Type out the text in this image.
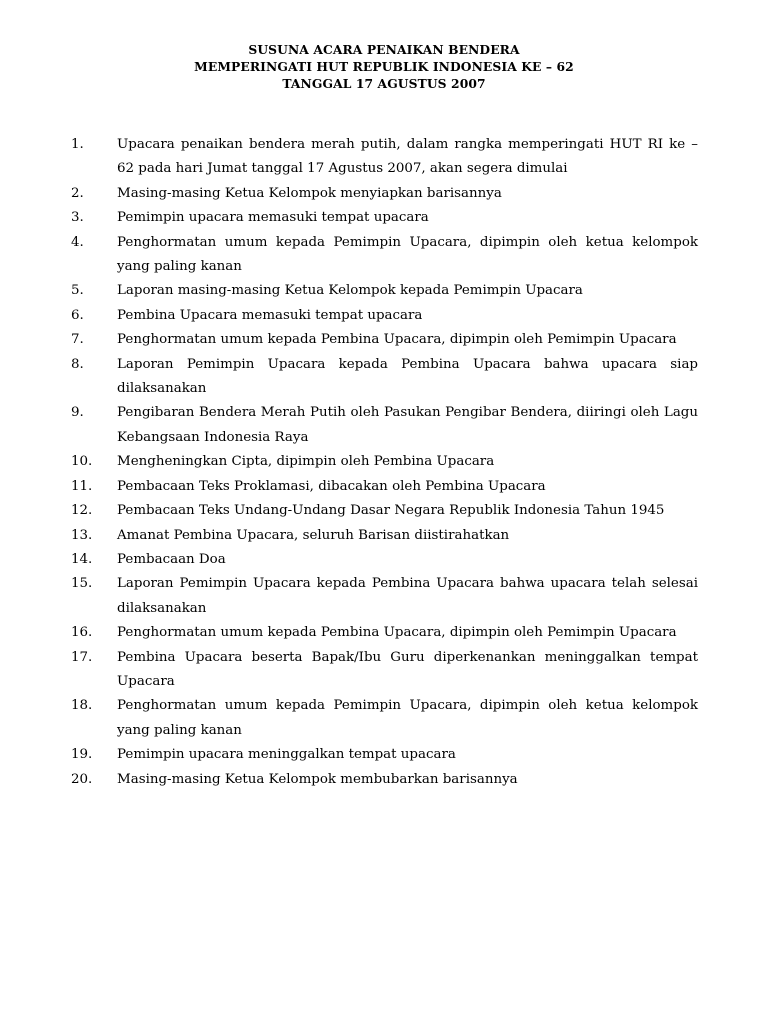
SUSUNA ACARA PENAIKAN BENDERA
MEMPERINGATI HUT REPUBLIK INDONESIA KE – 62
TANGGAL 17 AGUSTUS 2007
1.	Upacara penaikan bendera merah putih, dalam rangka memperingati HUT RI ke – 62 pada hari Jumat tanggal 17 Agustus 2007, akan segera dimulai
2.	Masing-masing Ketua Kelompok menyiapkan barisannya
3.	Pemimpin upacara memasuki tempat upacara
4.	Penghormatan umum kepada Pemimpin Upacara, dipimpin oleh ketua kelompok yang paling kanan
5.	Laporan masing-masing Ketua Kelompok kepada Pemimpin Upacara
6.	Pembina Upacara memasuki tempat upacara
7.	Penghormatan umum kepada Pembina Upacara, dipimpin oleh Pemimpin Upacara
8.	Laporan Pemimpin Upacara kepada Pembina Upacara bahwa upacara siap dilaksanakan
9.	Pengibaran Bendera Merah Putih oleh Pasukan Pengibar Bendera, diiringi oleh Lagu Kebangsaan Indonesia Raya
10.	Mengheningkan Cipta, dipimpin oleh Pembina Upacara
11.	Pembacaan Teks Proklamasi, dibacakan oleh Pembina Upacara
12.	Pembacaan Teks Undang-Undang Dasar Negara Republik Indonesia Tahun 1945
13.	Amanat Pembina Upacara, seluruh Barisan diistirahatkan
14.	Pembacaan Doa
15.	Laporan Pemimpin Upacara kepada Pembina Upacara bahwa upacara telah selesai dilaksanakan
16.	Penghormatan umum kepada Pembina Upacara, dipimpin oleh Pemimpin Upacara
17.	Pembina Upacara beserta Bapak/Ibu Guru diperkenankan meninggalkan tempat Upacara
18.	Penghormatan umum kepada Pemimpin Upacara, dipimpin oleh ketua kelompok yang paling kanan
19.	Pemimpin upacara meninggalkan tempat upacara
20.	Masing-masing Ketua Kelompok membubarkan barisannya
